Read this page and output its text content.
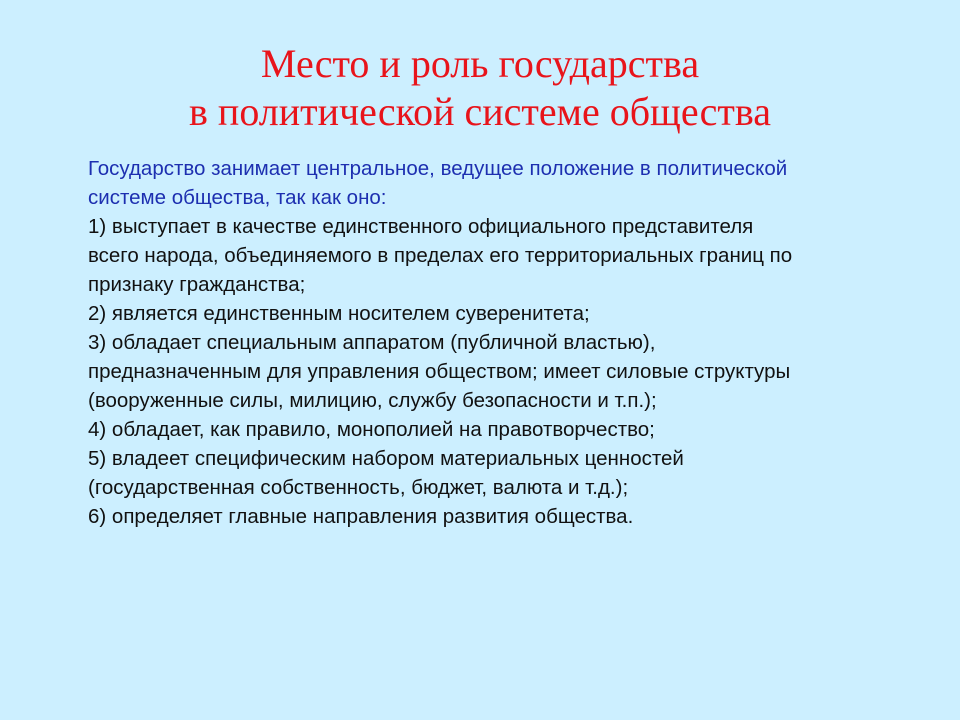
Место и роль государства
в политической системе общества
Государство занимает центральное, ведущее положение в политической
системе общества, так как оно:
1) выступает в качестве единственного официального представителя
всего народа, объединяемого в пределах его территориальных границ по
признаку гражданства;
2) является единственным носителем суверенитета;
3) обладает специальным аппаратом (публичной властью),
предназначенным для управления обществом; имеет силовые структуры
(вооруженные силы, милицию, службу безопасности и т.п.);
4) обладает, как правило, монополией на правотворчество;
5) владеет специфическим набором материальных ценностей
(государственная собственность, бюджет, валюта и т.д.);
6) определяет главные направления развития общества.
